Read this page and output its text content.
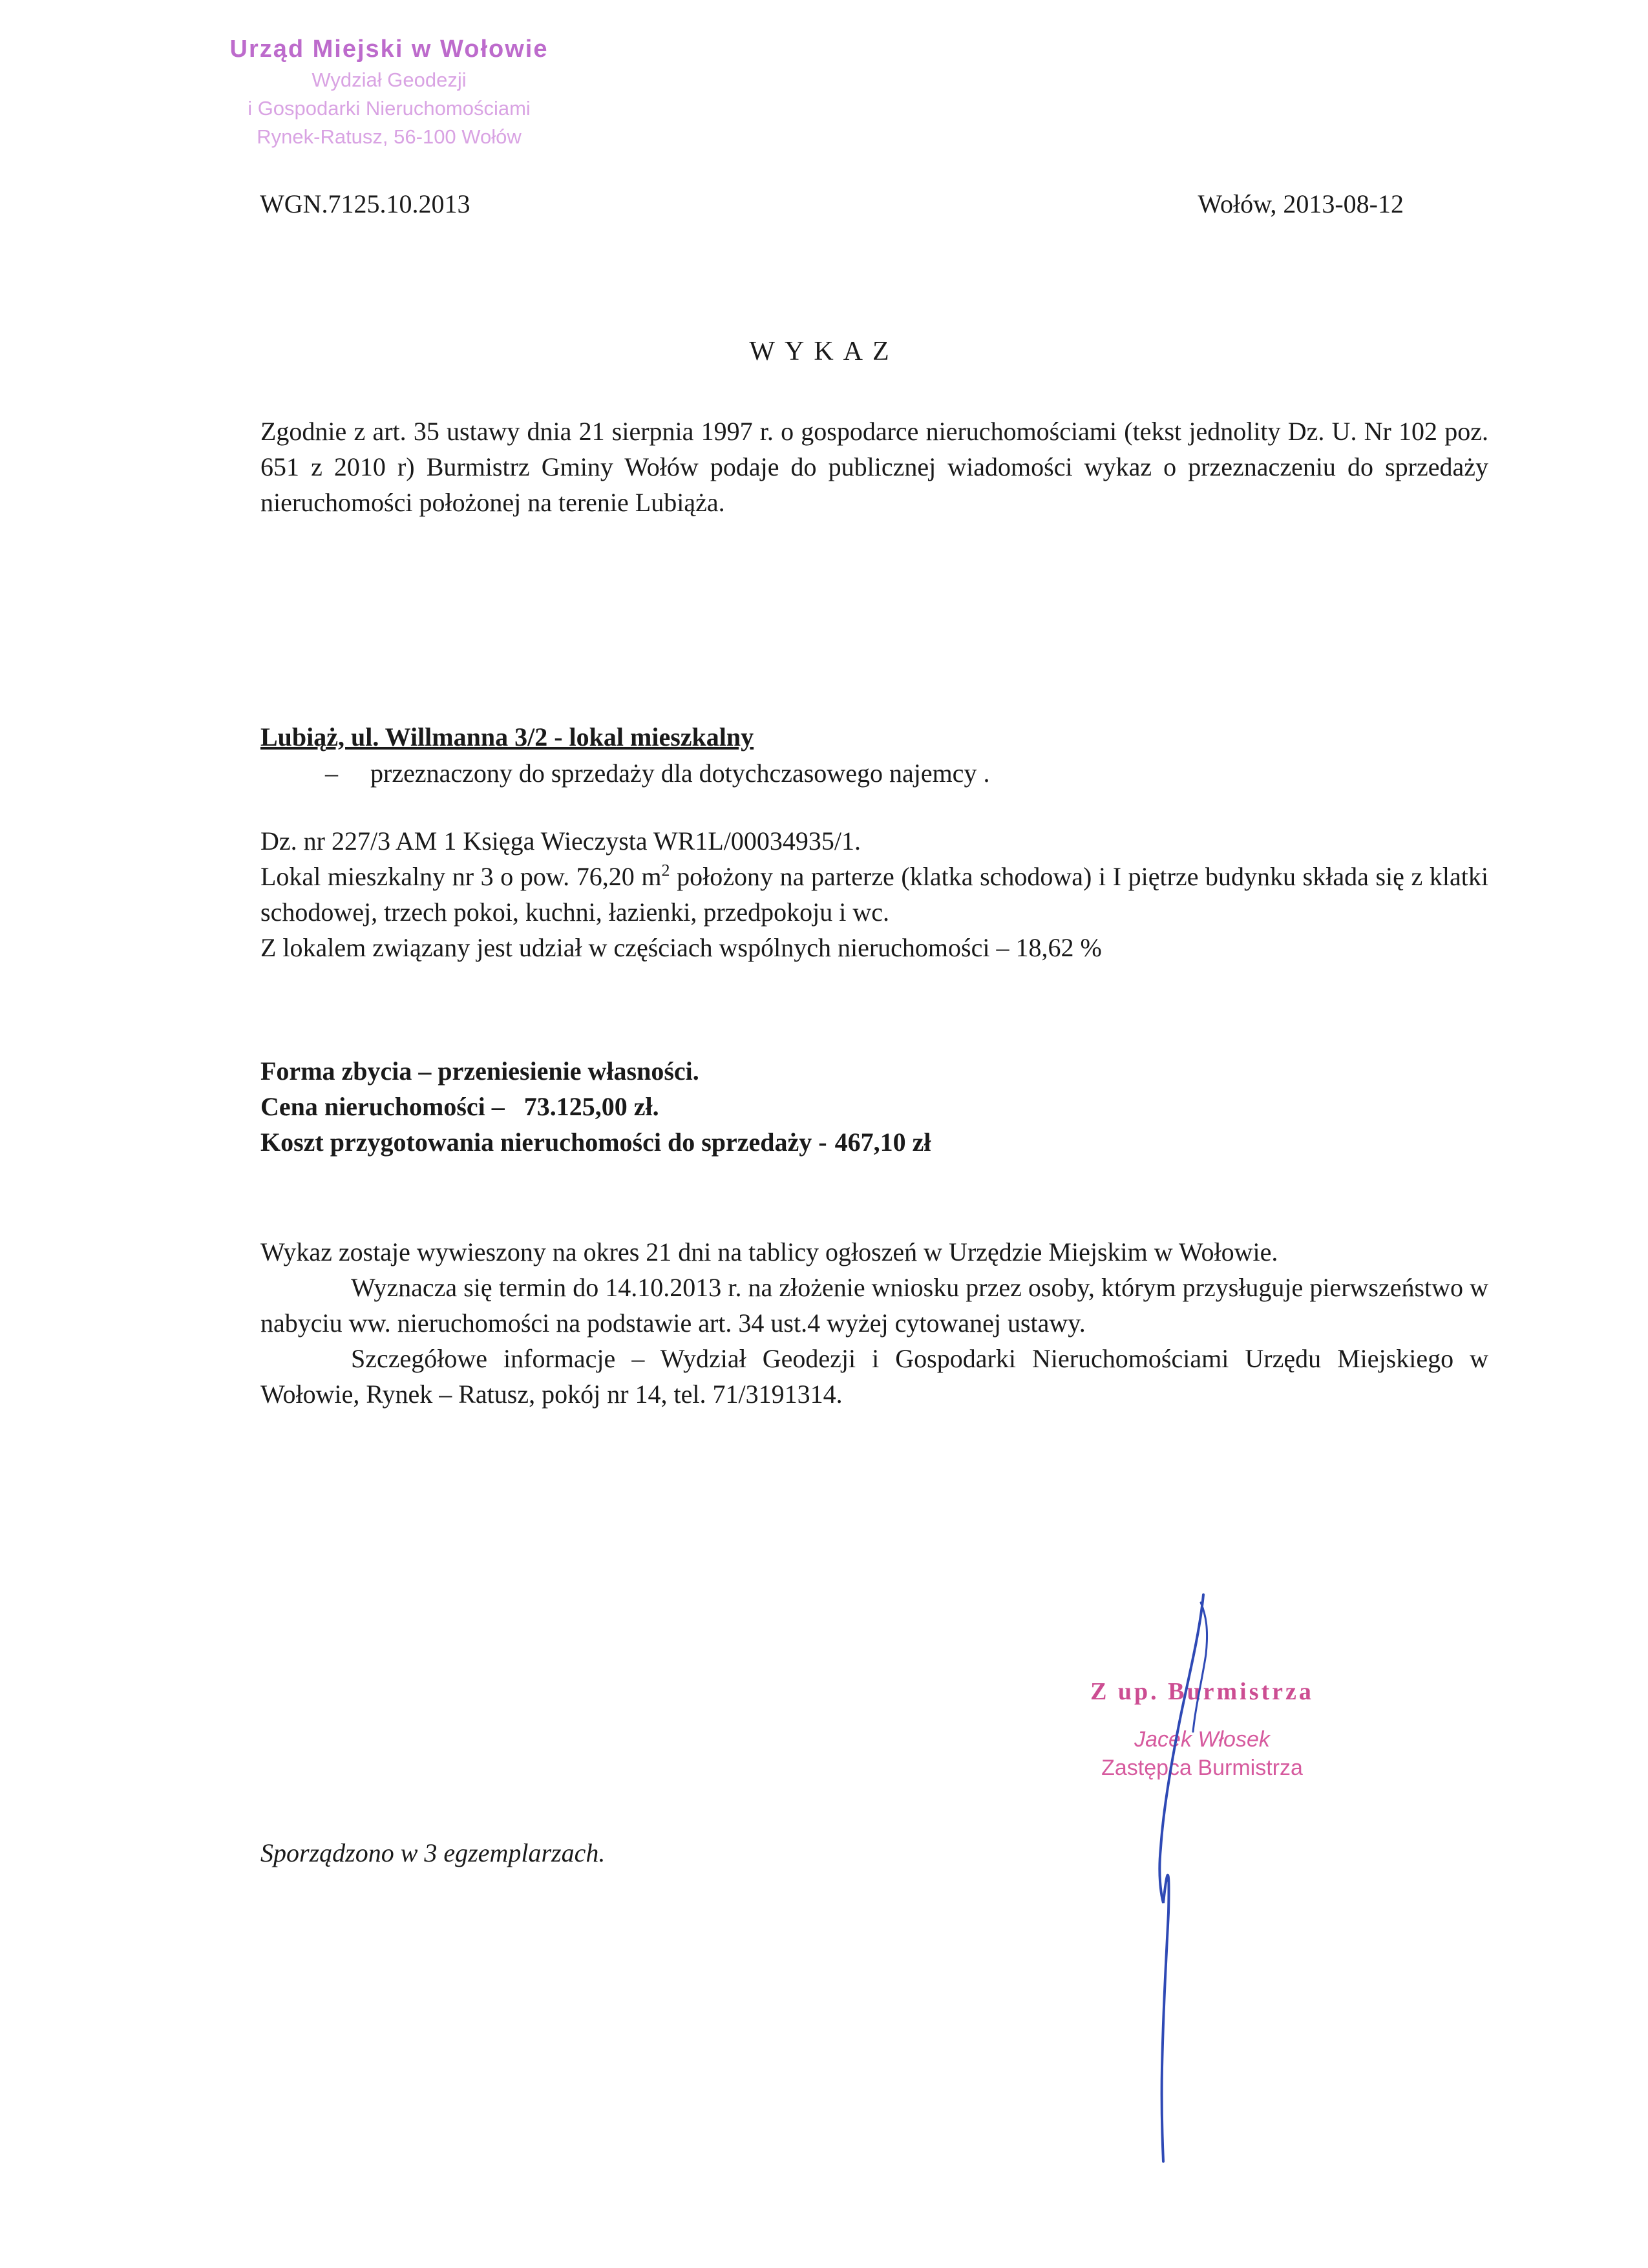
Urząd Miejski w Wołowie
Wydział Geodezji
i Gospodarki Nieruchomościami
Rynek-Ratusz, 56-100 Wołów
WGN.7125.10.2013	Wołów, 2013-08-12
WYKAZ
Zgodnie z art. 35 ustawy dnia 21 sierpnia 1997 r. o gospodarce nieruchomościami (tekst jednolity Dz. U. Nr 102 poz. 651 z 2010 r) Burmistrz Gminy Wołów podaje do publicznej wiadomości wykaz o przeznaczeniu do sprzedaży nieruchomości położonej na terenie Lubiąża.
Lubiąż, ul. Willmanna 3/2 - lokal mieszkalny
– przeznaczony do sprzedaży dla dotychczasowego najemcy .
Dz. nr 227/3 AM 1 Księga Wieczysta WR1L/00034935/1.
Lokal mieszkalny nr 3 o pow. 76,20 $m^2$ położony na parterze (klatka schodowa) i I piętrze budynku składa się z klatki schodowej, trzech pokoi, kuchni, łazienki, przedpokoju i wc.
Z lokalem związany jest udział w częściach wspólnych nieruchomości – 18,62 %
Forma zbycia – przeniesienie własności.
Cena nieruchomości – 73.125,00 zł.
Koszt przygotowania nieruchomości do sprzedaży - 467,10 zł
Wykaz zostaje wywieszony na okres 21 dni na tablicy ogłoszeń w Urzędzie Miejskim w Wołowie.
Wyznacza się termin do 14.10.2013 r. na złożenie wniosku przez osoby, którym przysługuje pierwszeństwo w nabyciu ww. nieruchomości na podstawie art. 34 ust.4 wyżej cytowanej ustawy.
Szczegółowe informacje – Wydział Geodezji i Gospodarki Nieruchomościami Urzędu Miejskiego w Wołowie, Rynek – Ratusz, pokój nr 14, tel. 71/3191314.
Z up. Burmistrza
Jacek Włosek
Zastępca Burmistrza
Sporządzono w 3 egzemplarzach.
